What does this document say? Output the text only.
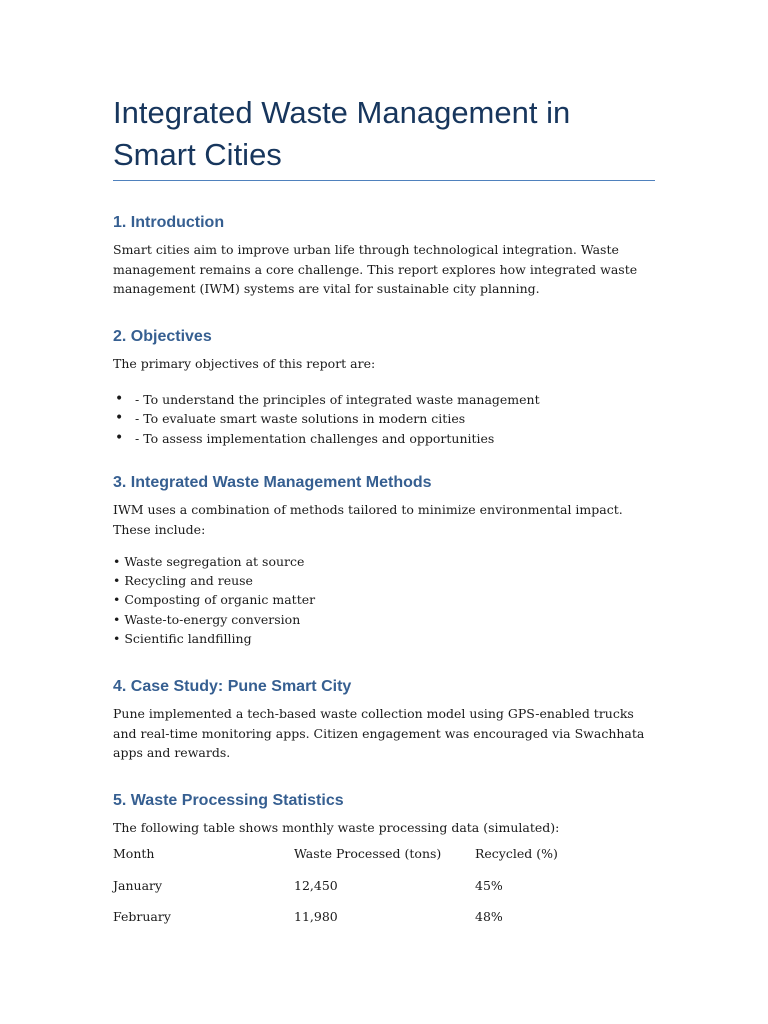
Integrated Waste Management in Smart Cities
1. Introduction

Smart cities aim to improve urban life through technological integration. Waste management remains a core challenge. This report explores how integrated waste management (IWM) systems are vital for sustainable city planning.

2. Objectives

The primary objectives of this report are:

• - To understand the principles of integrated waste management
• - To evaluate smart waste solutions in modern cities
• - To assess implementation challenges and opportunities
3. Integrated Waste Management Methods

IWM uses a combination of methods tailored to minimize environmental impact. These include:

• Waste segregation at source
• Recycling and reuse
• Composting of organic matter
• Waste-to-energy conversion
• Scientific landfilling
4. Case Study: Pune Smart City

Pune implemented a tech-based waste collection model using GPS-enabled trucks and real-time monitoring apps. Citizen engagement was encouraged via Swachhata apps and rewards.

5. Waste Processing Statistics

The following table shows monthly waste processing data (simulated):

Month	Waste Processed (tons)	Recycled (%)
January	12,450	45%
February	11,980	48%
